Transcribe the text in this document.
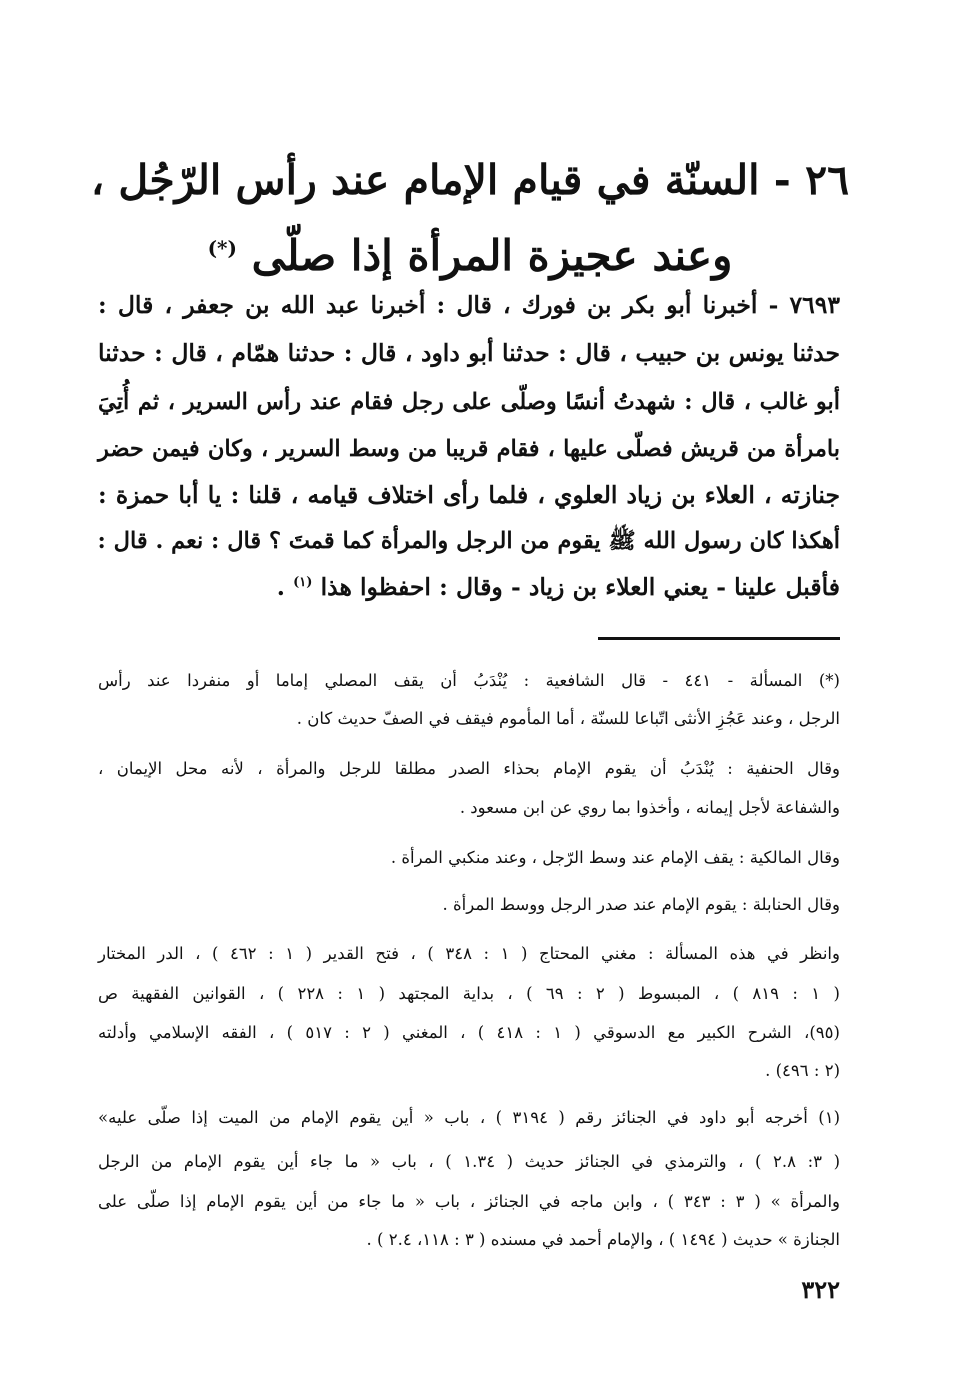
٢٦ - السنّة في قيام الإمام عند رأس الرّجُل ،
وعند عجيزة المرأة إذا صلّى (*)
٧٦٩٣ - أخبرنا أبو بكر بن فورك ، قال : أخبرنا عبد الله بن جعفر ، قال :
حدثنا يونس بن حبيب ، قال : حدثنا أبو داود ، قال : حدثنا همّام ، قال : حدثنا
أبو غالب ، قال : شهدتُ أنسًا وصلّى على رجل فقام عند رأس السرير ، ثم أُتِيَ
بامرأة من قريش فصلّى عليها ، فقام قريبا من وسط السرير ، وكان فيمن حضر
جنازته ، العلاء بن زياد العلوي ، فلما رأى اختلاف قيامه ، قلنا : يا أبا حمزة :
أهكذا كان رسول الله ﷺ يقوم من الرجل والمرأة كما قمتَ ؟ قال : نعم . قال :
فأقبل علينا - يعني العلاء بن زياد - وقال : احفظوا هذا $^{(١)}$ .
(*) المسألة - ٤٤١ - قال الشافعية : يُنْدَبُ أن يقف المصلي إماما أو منفردا عند رأس
الرجل ، وعند عَجُزِ الأنثى اتّباعا للسنّة ، أما المأموم فيقف في الصفّ حديث كان .
وقال الحنفية : يُنْدَبُ أن يقوم الإمام بحذاء الصدر مطلقا للرجل والمرأة ، لأنه محل الإيمان ،
والشفاعة لأجل إيمانه ، وأخذوا بما روي عن ابن مسعود .
وقال المالكية : يقف الإمام عند وسط الرّجل ، وعند منكبي المرأة .
وقال الحنابلة : يقوم الإمام عند صدر الرجل ووسط المرأة .
وانظر في هذه المسألة : مغني المحتاج ( ١ : ٣٤٨ ) ، فتح القدير ( ١ : ٤٦٢ ) ، الدر المختار
( ١ : ٨١٩ ) ، المبسوط ( ٢ : ٦٩ ) ، بداية المجتهد ( ١ : ٢٢٨ ) ، القوانين الفقهية ص
(٩٥)، الشرح الكبير مع الدسوقي ( ١ : ٤١٨ ) ، المغني ( ٢ : ٥١٧ ) ، الفقه الإسلامي وأدلته
(٢ : ٤٩٦) .
(١) أخرجه أبو داود في الجنائز رقم ( ٣١٩٤ ) ، باب « أين يقوم الإمام من الميت إذا صلّى عليه»
( ٣: ٢.٨ ) ، والترمذي في الجنائز حديث ( ١.٣٤ ) ، باب « ما جاء أين يقوم الإمام من الرجل
والمرأة » ( ٣ : ٣٤٣ ) ، وابن ماجه في الجنائز ، باب « ما جاء من أين يقوم الإمام إذا صلّى على
الجنازة » حديث ( ١٤٩٤ ) ، والإمام أحمد في مسنده ( ٣ : ١١٨، ٢.٤ ) .
٣٢٢
